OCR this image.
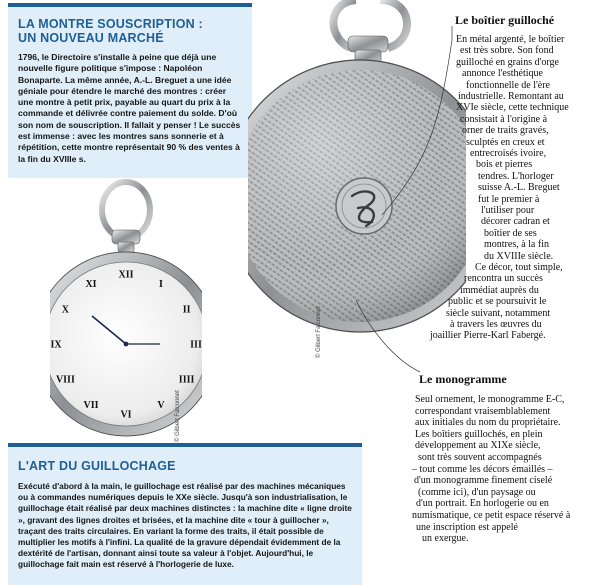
LA MONTRE SOUSCRIPTION :
UN NOUVEAU MARCHÉ

1796, le Directoire s'installe à peine que déjà une nouvelle figure politique s'impose : Napoléon Bonaparte. La même année, A.-L. Breguet a une idée géniale pour étendre le marché des montres : créer une montre à petit prix, payable au quart du prix à la commande et délivrée contre paiement du solde. D'où son nom de souscription. Il fallait y penser ! Le succès est immense : avec les montres sans sonnerie et à répétition, cette montre représentait 90 % des ventes à la fin du XVIIIe s.

XII
I
II
III
IIII
V
VI
VII
VIII
IX
X
XI
© Gilbert Falconnet
© Gilbert Falconnet
Le boîtier guilloché
En métal argenté, le boîtier
est très sobre. Son fond
guilloché en grains d'orge
annonce l'esthétique
fonctionnelle de l'ère
industrielle. Remontant au
XVIe siècle, cette technique
consistait à l'origine à
orner de traits gravés,
sculptés en creux et
entrecroisés ivoire,
bois et pierres
tendres. L'horloger
suisse A.-L. Breguet
fut le premier à
l'utiliser pour
décorer cadran et
boîtier de ses
montres, à la fin
du XVIIIe siècle.
Ce décor, tout simple,
rencontra un succès
immédiat auprès du
public et se poursuivit le
siècle suivant, notamment
à travers les œuvres du
joaillier Pierre-Karl Fabergé.
Le monogramme
Seul ornement, le monogramme E-C,
correspondant vraisemblablement
aux initiales du nom du propriétaire.
Les boîtiers guillochés, en plein
développement au XIXe siècle,
sont très souvent accompagnés
– tout comme les décors émaillés –
d'un monogramme finement ciselé
(comme ici), d'un paysage ou
d'un portrait. En horlogerie ou en
numismatique, ce petit espace réservé à
une inscription est appelé
un exergue.
L'ART DU GUILLOCHAGE

Exécuté d'abord à la main, le guillochage est réalisé par des machines mécaniques ou à commandes numériques depuis le XXe siècle. Jusqu'à son industrialisation, le guillochage était réalisé par deux machines distinctes : la machine dite « ligne droite », gravant des lignes droites et brisées, et la machine dite « tour à guillocher », traçant des traits circulaires. En variant la forme des traits, il était possible de multiplier les motifs à l'infini. La qualité de la gravure dépendait évidemment de la dextérité de l'artisan, donnant ainsi toute sa valeur à l'objet. Aujourd'hui, le guillochage fait main est réservé à l'horlogerie de luxe.
